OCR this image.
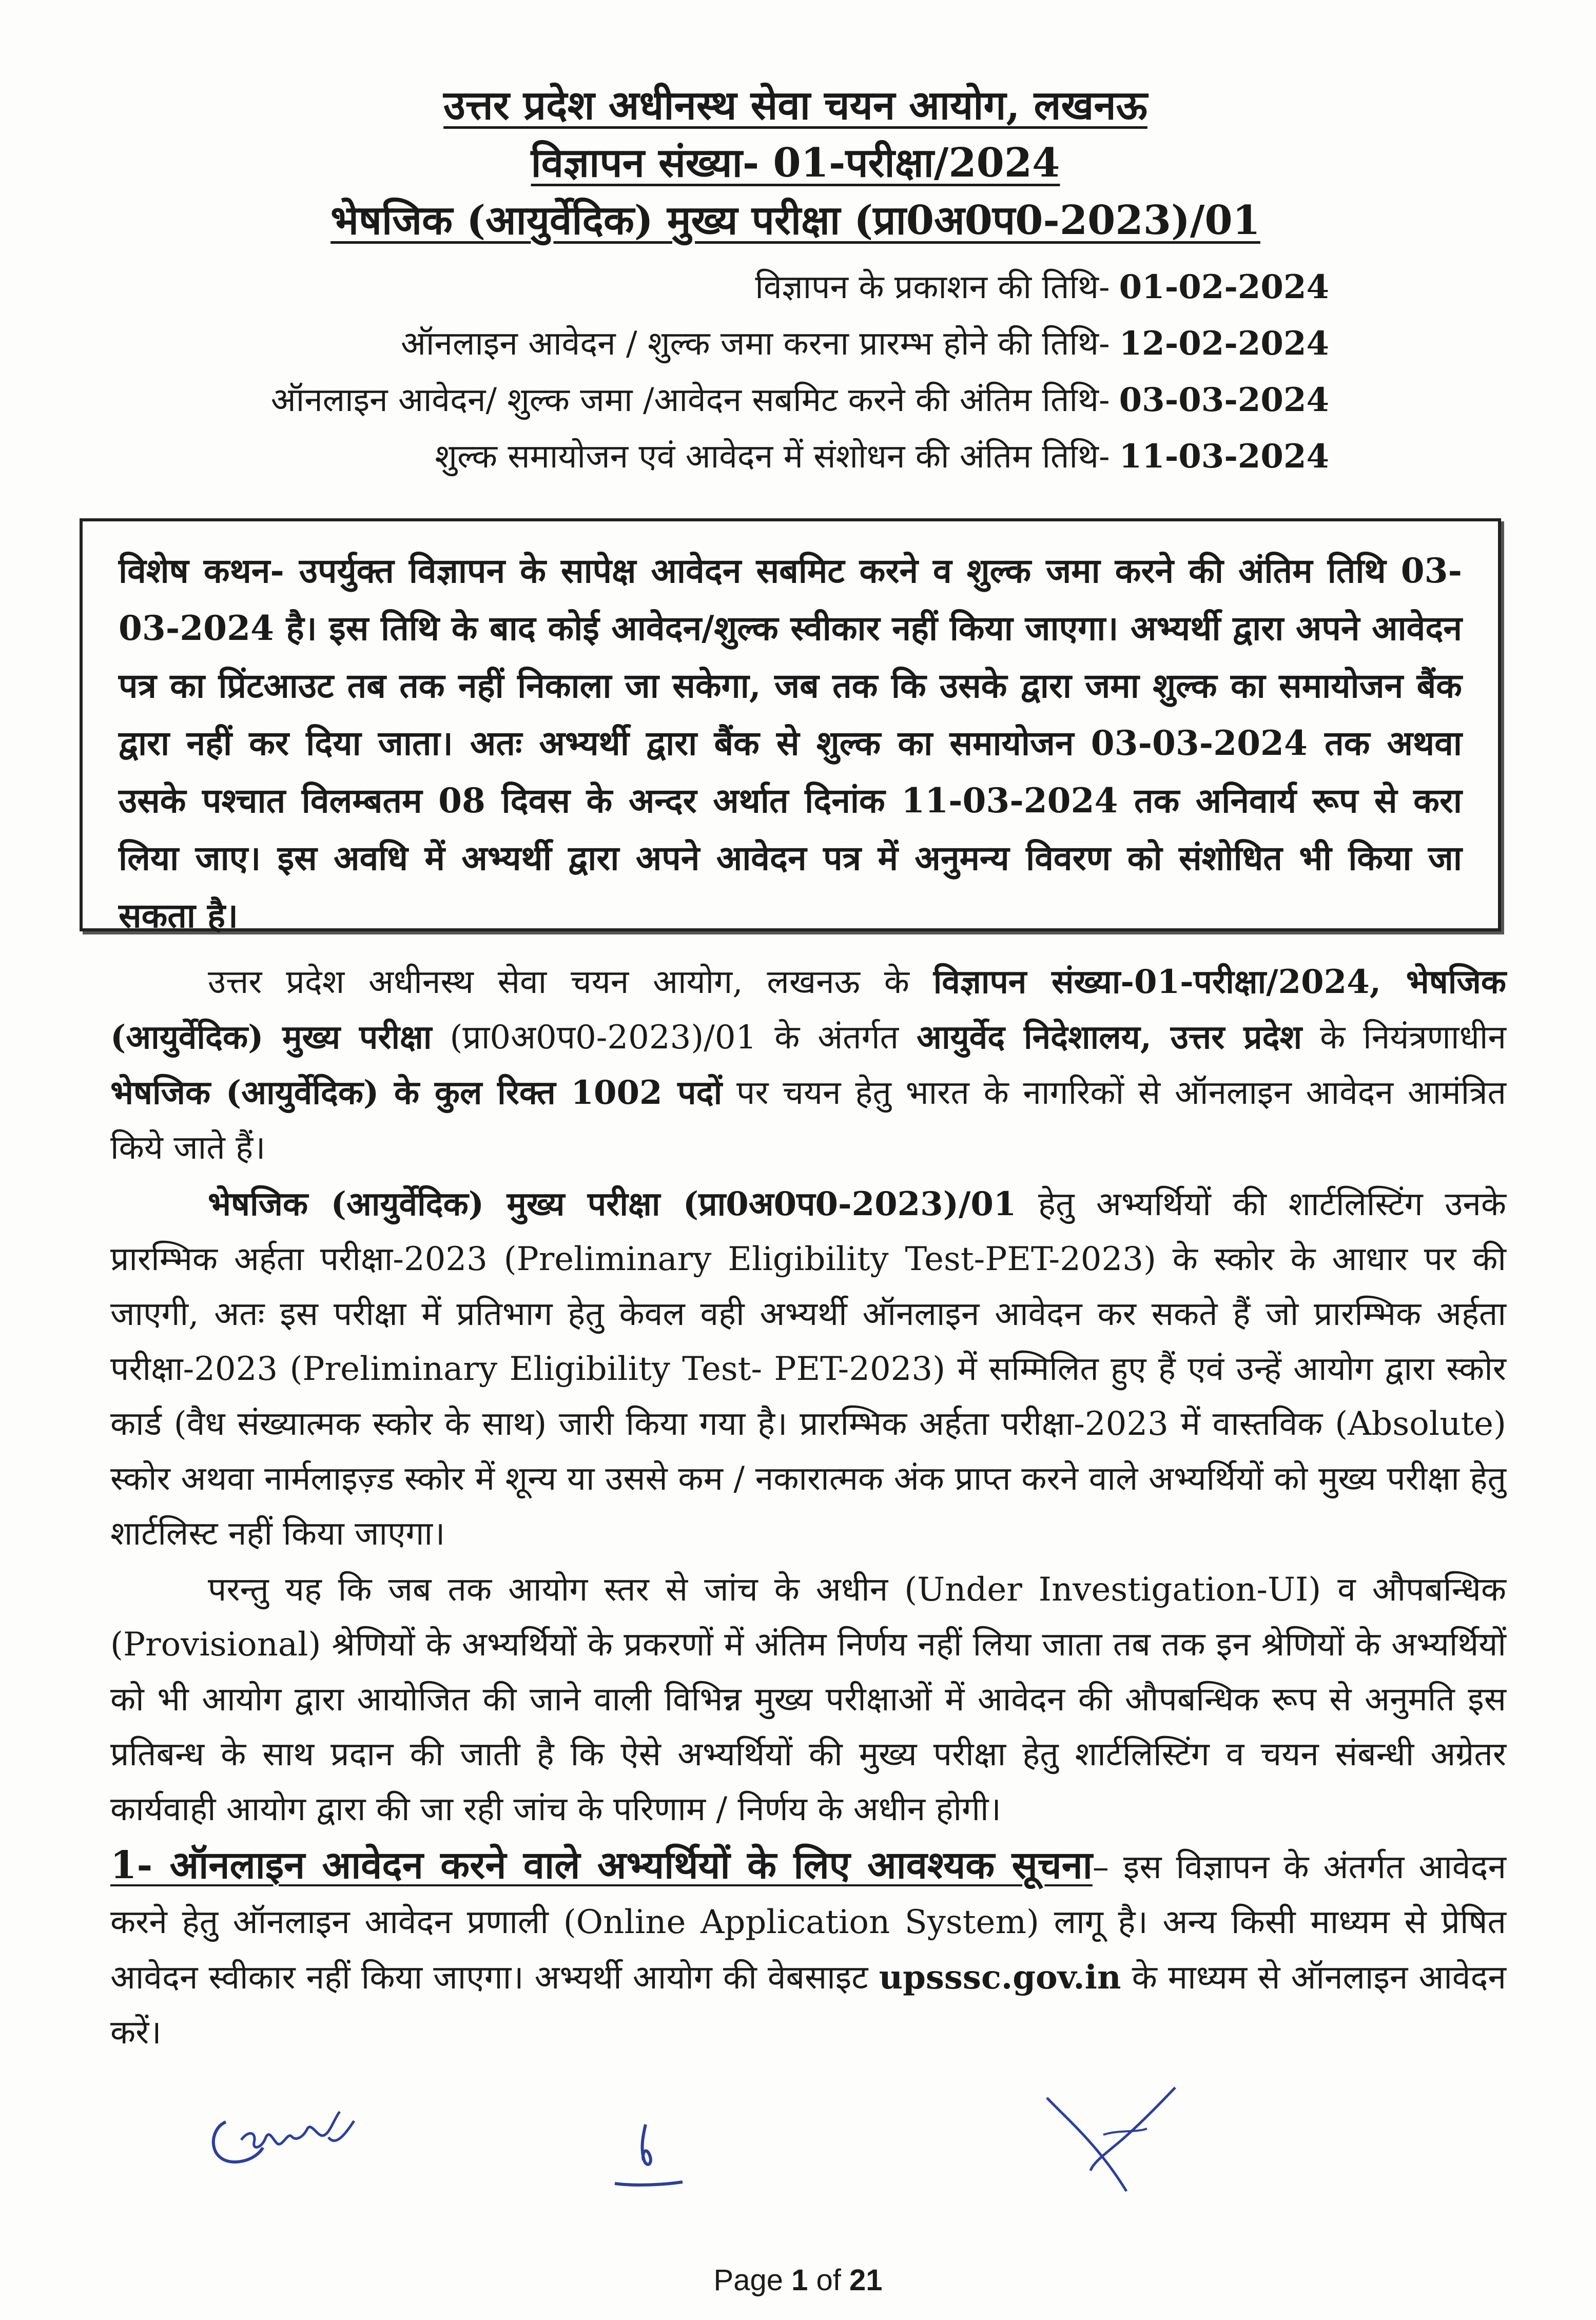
उत्तर प्रदेश अधीनस्थ सेवा चयन आयोग, लखनऊ
विज्ञापन संख्या- 01-परीक्षा/2024
भेषजिक (आयुर्वेदिक) मुख्य परीक्षा (प्रा0अ0प0-2023)/01
विज्ञापन के प्रकाशन की तिथि- 01-02-2024
ऑनलाइन आवेदन / शुल्क जमा करना प्रारम्भ होने की तिथि- 12-02-2024
ऑनलाइन आवेदन/ शुल्क जमा /आवेदन सबमिट करने की अंतिम तिथि- 03-03-2024
शुल्क समायोजन एवं आवेदन में संशोधन की अंतिम तिथि- 11-03-2024
विशेष कथन- उपर्युक्त विज्ञापन के सापेक्ष आवेदन सबमिट करने व शुल्क जमा करने की अंतिम तिथि 03-03-2024 है। इस तिथि के बाद कोई आवेदन/शुल्क स्वीकार नहीं किया जाएगा। अभ्यर्थी द्वारा अपने आवेदन पत्र का प्रिंटआउट तब तक नहीं निकाला जा सकेगा, जब तक कि उसके द्वारा जमा शुल्क का समायोजन बैंक द्वारा नहीं कर दिया जाता। अतः अभ्यर्थी द्वारा बैंक से शुल्क का समायोजन 03-03-2024 तक अथवा उसके पश्चात विलम्बतम 08 दिवस के अन्दर अर्थात दिनांक 11-03-2024 तक अनिवार्य रूप से करा लिया जाए। इस अवधि में अभ्यर्थी द्वारा अपने आवेदन पत्र में अनुमन्य विवरण को संशोधित भी किया जा सकता है।

उत्तर प्रदेश अधीनस्थ सेवा चयन आयोग, लखनऊ के विज्ञापन संख्या-01-परीक्षा/2024, भेषजिक (आयुर्वेदिक) मुख्य परीक्षा (प्रा0अ0प0-2023)/01 के अंतर्गत आयुर्वेद निदेशालय, उत्तर प्रदेश के नियंत्रणाधीन भेषजिक (आयुर्वेदिक) के कुल रिक्त 1002 पदों पर चयन हेतु भारत के नागरिकों से ऑनलाइन आवेदन आमंत्रित किये जाते हैं।

भेषजिक (आयुर्वेदिक) मुख्य परीक्षा (प्रा0अ0प0-2023)/01 हेतु अभ्यर्थियों की शार्टलिस्टिंग उनके प्रारम्भिक अर्हता परीक्षा-2023 (Preliminary Eligibility Test-PET-2023) के स्कोर के आधार पर की जाएगी, अतः इस परीक्षा में प्रतिभाग हेतु केवल वही अभ्यर्थी ऑनलाइन आवेदन कर सकते हैं जो प्रारम्भिक अर्हता परीक्षा-2023 (Preliminary Eligibility Test- PET-2023) में सम्मिलित हुए हैं एवं उन्हें आयोग द्वारा स्कोर कार्ड (वैध संख्यात्मक स्कोर के साथ) जारी किया गया है। प्रारम्भिक अर्हता परीक्षा-2023 में वास्तविक (Absolute) स्कोर अथवा नार्मलाइज़्ड स्कोर में शून्य या उससे कम / नकारात्मक अंक प्राप्त करने वाले अभ्यर्थियों को मुख्य परीक्षा हेतु शार्टलिस्ट नहीं किया जाएगा।

परन्तु यह कि जब तक आयोग स्तर से जांच के अधीन (Under Investigation-UI) व औपबन्धिक (Provisional) श्रेणियों के अभ्यर्थियों के प्रकरणों में अंतिम निर्णय नहीं लिया जाता तब तक इन श्रेणियों के अभ्यर्थियों को भी आयोग द्वारा आयोजित की जाने वाली विभिन्न मुख्य परीक्षाओं में आवेदन की औपबन्धिक रूप से अनुमति इस प्रतिबन्ध के साथ प्रदान की जाती है कि ऐसे अभ्यर्थियों की मुख्य परीक्षा हेतु शार्टलिस्टिंग व चयन संबन्धी अग्रेतर कार्यवाही आयोग द्वारा की जा रही जांच के परिणाम / निर्णय के अधीन होगी।

1- ऑनलाइन आवेदन करने वाले अभ्यर्थियों के लिए आवश्यक सूचना– इस विज्ञापन के अंतर्गत आवेदन करने हेतु ऑनलाइन आवेदन प्रणाली (Online Application System) लागू है। अन्य किसी माध्यम से प्रेषित आवेदन स्वीकार नहीं किया जाएगा। अभ्यर्थी आयोग की वेबसाइट upsssc.gov.in के माध्यम से ऑनलाइन आवेदन करें।

Page 1 of 21
